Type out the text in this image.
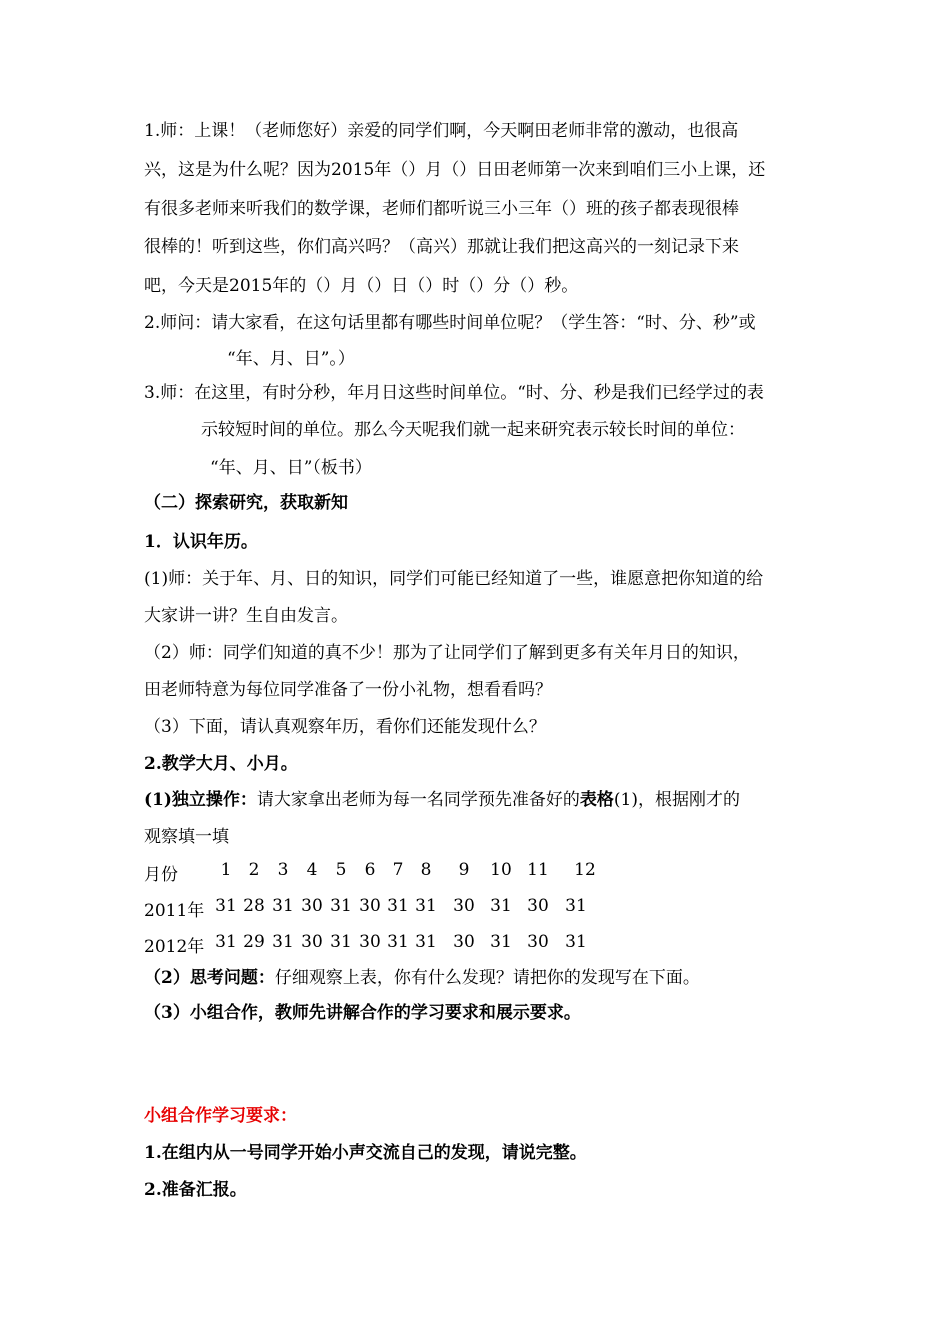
1.师：上课！（老师您好）亲爱的同学们啊，今天啊田老师非常的激动，也很高
兴，这是为什么呢？因为2015年（）月（）日田老师第一次来到咱们三小上课，还
有很多老师来听我们的数学课，老师们都听说三小三年（）班的孩子都表现很棒
很棒的！听到这些，你们高兴吗？（高兴）那就让我们把这高兴的一刻记录下来
吧，今天是2015年的（）月（）日（）时（）分（）秒。
2.师问：请大家看，在这句话里都有哪些时间单位呢？（学生答：“时、分、秒”或
“年、月、日”。）
3.师：在这里，有时分秒，年月日这些时间单位。“时、分、秒是我们已经学过的表
示较短时间的单位。那么今天呢我们就一起来研究表示较长时间的单位：
“年、月、日”（板书）
（二）探索研究，获取新知
1．认识年历。
(1)师：关于年、月、日的知识，同学们可能已经知道了一些，谁愿意把你知道的给
大家讲一讲？生自由发言。
（2）师：同学们知道的真不少！那为了让同学们了解到更多有关年月日的知识，
田老师特意为每位同学准备了一份小礼物，想看看吗？
（3）下面，请认真观察年历，看你们还能发现什么？
2.教学大月、小月。
(1)独立操作：请大家拿出老师为每一名同学预先准备好的表格(1)，根据刚才的
观察填一填
月份	1	2	3	4	5	6	7	8	9	10 11	12
2011年 31 28 31 30 31 30 31 31 30 31 30 31
2012年 31 29 31 30 31 30 31 31 30 31 30 31
（2）思考问题：仔细观察上表，你有什么发现？请把你的发现写在下面。
（3）小组合作，教师先讲解合作的学习要求和展示要求。
小组合作学习要求：
1.在组内从一号同学开始小声交流自己的发现，请说完整。
2.准备汇报。
